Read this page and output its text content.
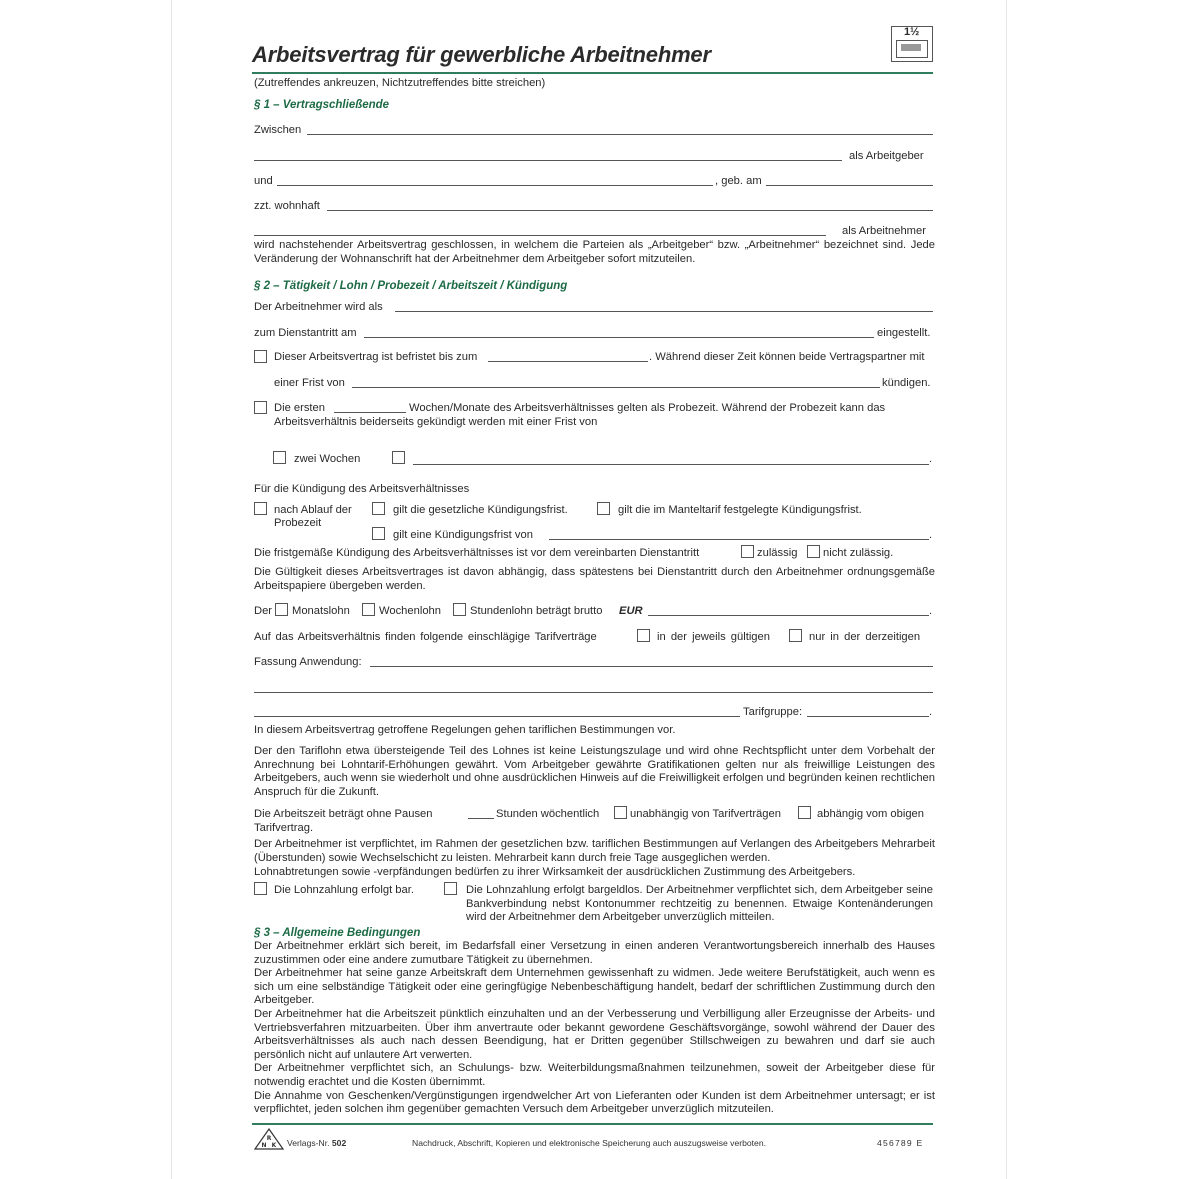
Arbeitsvertrag für gewerbliche Arbeitnehmer
1½
(Zutreffendes ankreuzen, Nichtzutreffendes bitte streichen)
§ 1 – Vertragschließende
Zwischen
als Arbeitgeber
und	, geb. am
zzt. wohnhaft
als Arbeitnehmer
wird nachstehender Arbeitsvertrag geschlossen, in welchem die Parteien als „Arbeitgeber“ bzw. „Arbeitnehmer“ bezeichnet sind. Jede Veränderung der Wohnanschrift hat der Arbeitnehmer dem Arbeitgeber sofort mitzuteilen.
§ 2 – Tätigkeit / Lohn / Probezeit / Arbeitszeit / Kündigung
Der Arbeitnehmer wird als
zum Dienstantritt am	eingestellt.
Dieser Arbeitsvertrag ist befristet bis zum	. Während dieser Zeit können beide Vertragspartner mit
einer Frist von	kündigen.
Die ersten	Wochen/Monate des Arbeitsverhältnisses gelten als Probezeit. Während der Probezeit kann das
Arbeitsverhältnis beiderseits gekündigt werden mit einer Frist von
zwei Wochen	.
Für die Kündigung des Arbeitsverhältnisses
nach Ablauf der
Probezeit
gilt die gesetzliche Kündigungsfrist.	gilt die im Manteltarif festgelegte Kündigungsfrist.
gilt eine Kündigungsfrist von	.
Die fristgemäße Kündigung des Arbeitsverhältnisses ist vor dem vereinbarten Dienstantritt	zulässig nicht zulässig.
Die Gültigkeit dieses Arbeitsvertrages ist davon abhängig, dass spätestens bei Dienstantritt durch den Arbeitnehmer ordnungsgemäße Arbeitspapiere übergeben werden.
Der Monatslohn	Wochenlohn	Stundenlohn beträgt brutto EUR	.
Auf das Arbeitsverhältnis finden folgende einschlägige Tarifverträge	in der jeweils gültigen	nur in der derzeitigen
Fassung Anwendung:
Tarifgruppe:	.
In diesem Arbeitsvertrag getroffene Regelungen gehen tariflichen Bestimmungen vor.
Der den Tariflohn etwa übersteigende Teil des Lohnes ist keine Leistungszulage und wird ohne Rechtspflicht unter dem Vorbehalt der Anrechnung bei Lohntarif-Erhöhungen gewährt. Vom Arbeitgeber gewährte Gratifikationen gelten nur als freiwillige Leistungen des Arbeitgebers, auch wenn sie wiederholt und ohne ausdrücklichen Hinweis auf die Freiwilligkeit erfolgen und begründen keinen rechtlichen Anspruch für die Zukunft.
Die Arbeitszeit beträgt ohne Pausen	Stunden wöchentlich	unabhängig von Tarifverträgen	abhängig vom obigen
Tarifvertrag.
Der Arbeitnehmer ist verpflichtet, im Rahmen der gesetzlichen bzw. tariflichen Bestimmungen auf Verlangen des Arbeitgebers Mehrarbeit (Überstunden) sowie Wechselschicht zu leisten. Mehrarbeit kann durch freie Tage ausgeglichen werden.
Lohnabtretungen sowie -verpfändungen bedürfen zu ihrer Wirksamkeit der ausdrücklichen Zustimmung des Arbeitgebers.
Die Lohnzahlung erfolgt bar.	Die Lohnzahlung erfolgt bargeldlos. Der Arbeitnehmer verpflichtet sich, dem Arbeitgeber seine Bankverbindung nebst Kontonummer rechtzeitig zu benennen. Etwaige Kontenänderungen wird der Arbeitnehmer dem Arbeitgeber unverzüglich mitteilen.
§ 3 – Allgemeine Bedingungen
Der Arbeitnehmer erklärt sich bereit, im Bedarfsfall einer Versetzung in einen anderen Verantwortungsbereich innerhalb des Hauses zuzustimmen oder eine andere zumutbare Tätigkeit zu übernehmen.
Der Arbeitnehmer hat seine ganze Arbeitskraft dem Unternehmen gewissenhaft zu widmen. Jede weitere Berufstätigkeit, auch wenn es sich um eine selbständige Tätigkeit oder eine geringfügige Nebenbeschäftigung handelt, bedarf der schriftlichen Zustimmung durch den Arbeitgeber.
Der Arbeitnehmer hat die Arbeitszeit pünktlich einzuhalten und an der Verbesserung und Verbilligung aller Erzeugnisse der Arbeits- und Vertriebsverfahren mitzuarbeiten. Über ihm anvertraute oder bekannt gewordene Geschäftsvorgänge, sowohl während der Dauer des Arbeitsverhältnisses als auch nach dessen Beendigung, hat er Dritten gegenüber Stillschweigen zu bewahren und darf sie auch persönlich nicht auf unlautere Art verwerten.
Der Arbeitnehmer verpflichtet sich, an Schulungs- bzw. Weiterbildungsmaßnahmen teilzunehmen, soweit der Arbeitgeber diese für notwendig erachtet und die Kosten übernimmt.
Die Annahme von Geschenken/Vergünstigungen irgendwelcher Art von Lieferanten oder Kunden ist dem Arbeitnehmer untersagt; er ist verpflichtet, jeden solchen ihm gegenüber gemachten Versuch dem Arbeitgeber unverzüglich mitzuteilen.
R
N K Verlags-Nr. 502	Nachdruck, Abschrift, Kopieren und elektronische Speicherung auch auszugsweise verboten.	456789 E
